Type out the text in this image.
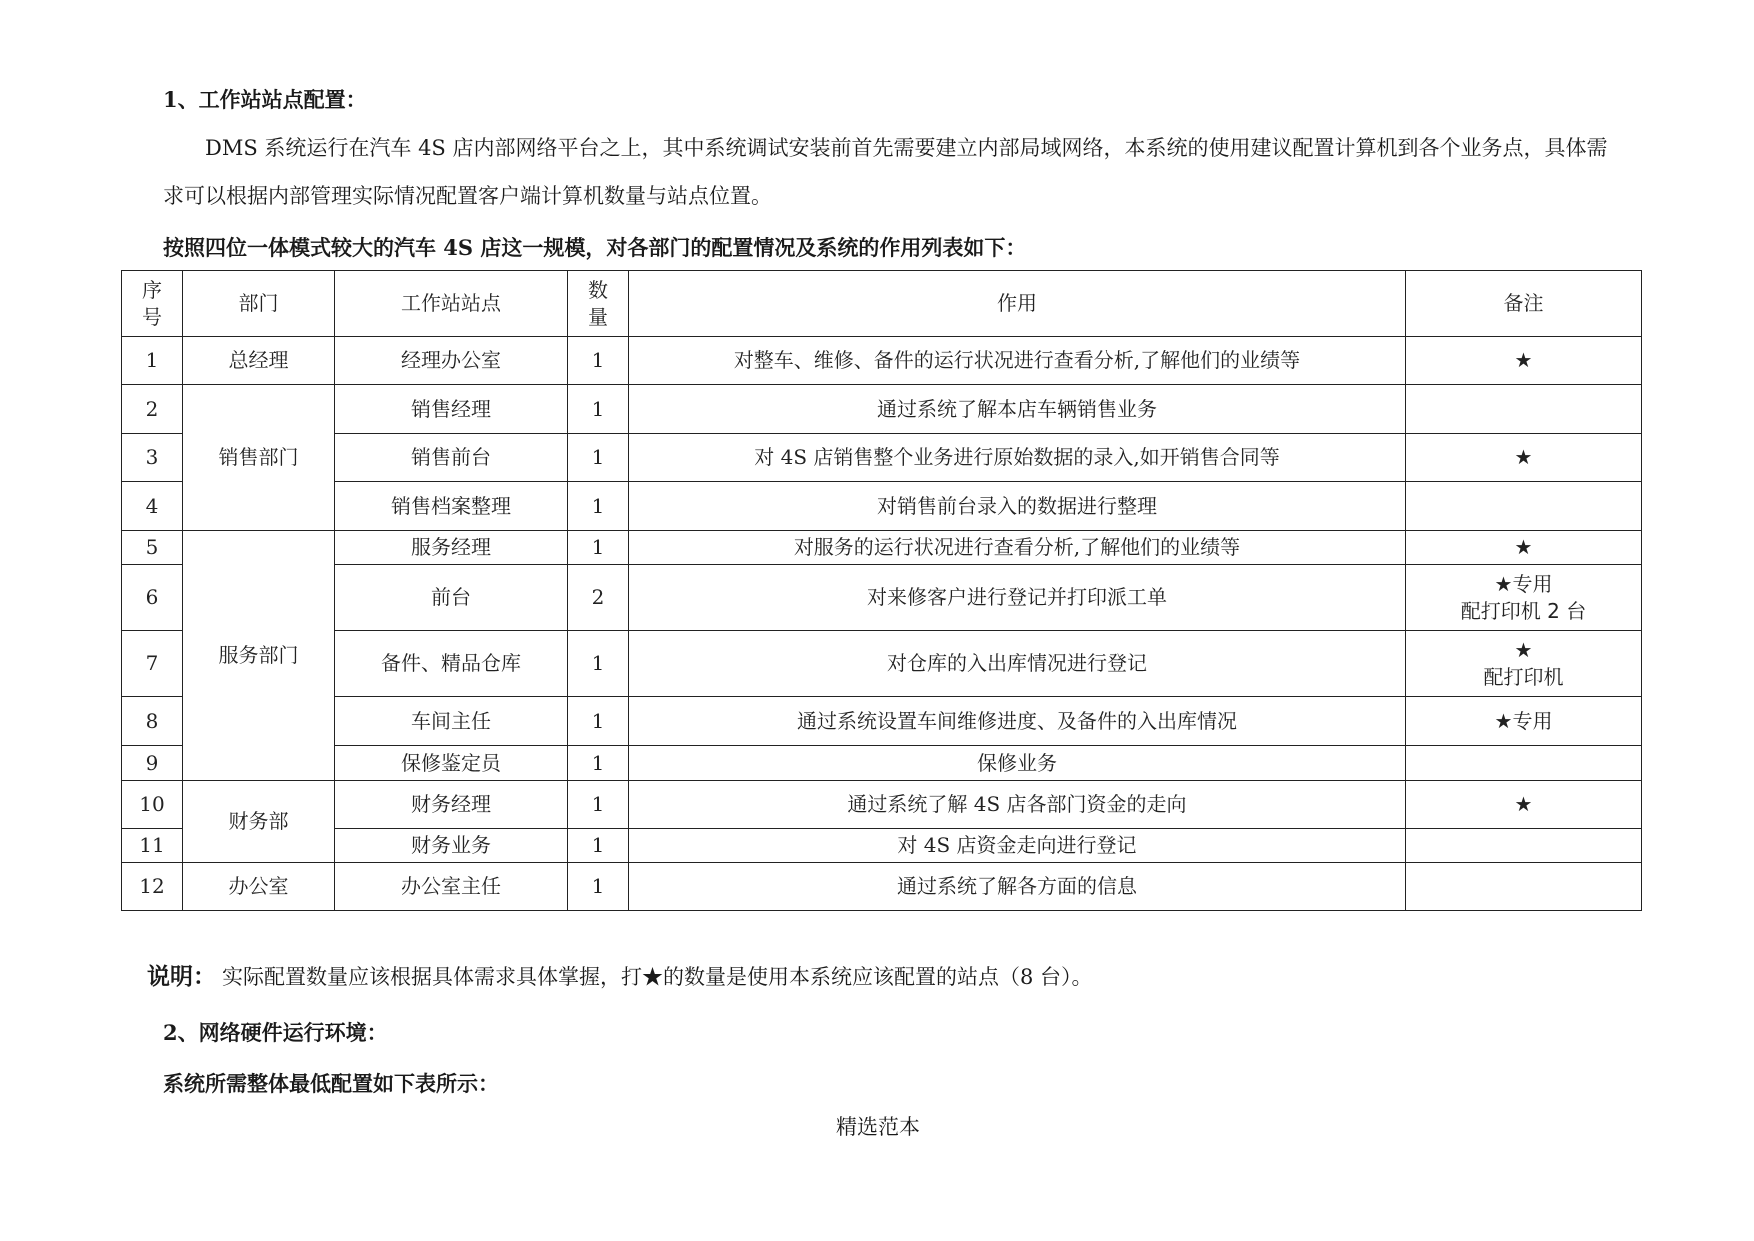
1、工作站站点配置：
DMS 系统运行在汽车 4S 店内部网络平台之上，其中系统调试安装前首先需要建立内部局域网络，本系统的使用建议配置计算机到各个业务点，具体需
求可以根据内部管理实际情况配置客户端计算机数量与站点位置。
按照四位一体模式较大的汽车 4S 店这一规模，对各部门的配置情况及系统的作用列表如下：
序号	部门	工作站站点	数量	作用	备注
1	总经理	经理办公室	1	对整车、维修、备件的运行状况进行查看分析,了解他们的业绩等	★
2	销售部门	销售经理	1	通过系统了解本店车辆销售业务	
3		销售前台	1	对 4S 店销售整个业务进行原始数据的录入,如开销售合同等	★
4		销售档案整理	1	对销售前台录入的数据进行整理	
5	服务部门	服务经理	1	对服务的运行状况进行查看分析,了解他们的业绩等	★
6		前台	2	对来修客户进行登记并打印派工单	★专用
配打印机 2 台

7		备件、精品仓库	1	对仓库的入出库情况进行登记	★
配打印机

8		车间主任	1	通过系统设置车间维修进度、及备件的入出库情况	★专用
9		保修鉴定员	1	保修业务	
10	财务部	财务经理	1	通过系统了解 4S 店各部门资金的走向	★
11		财务业务	1	对 4S 店资金走向进行登记	
12	办公室	办公室主任	1	通过系统了解各方面的信息	
说明： 实际配置数量应该根据具体需求具体掌握，打★的数量是使用本系统应该配置的站点（8 台）。
2、网络硬件运行环境：
系统所需整体最低配置如下表所示：
精选范本
